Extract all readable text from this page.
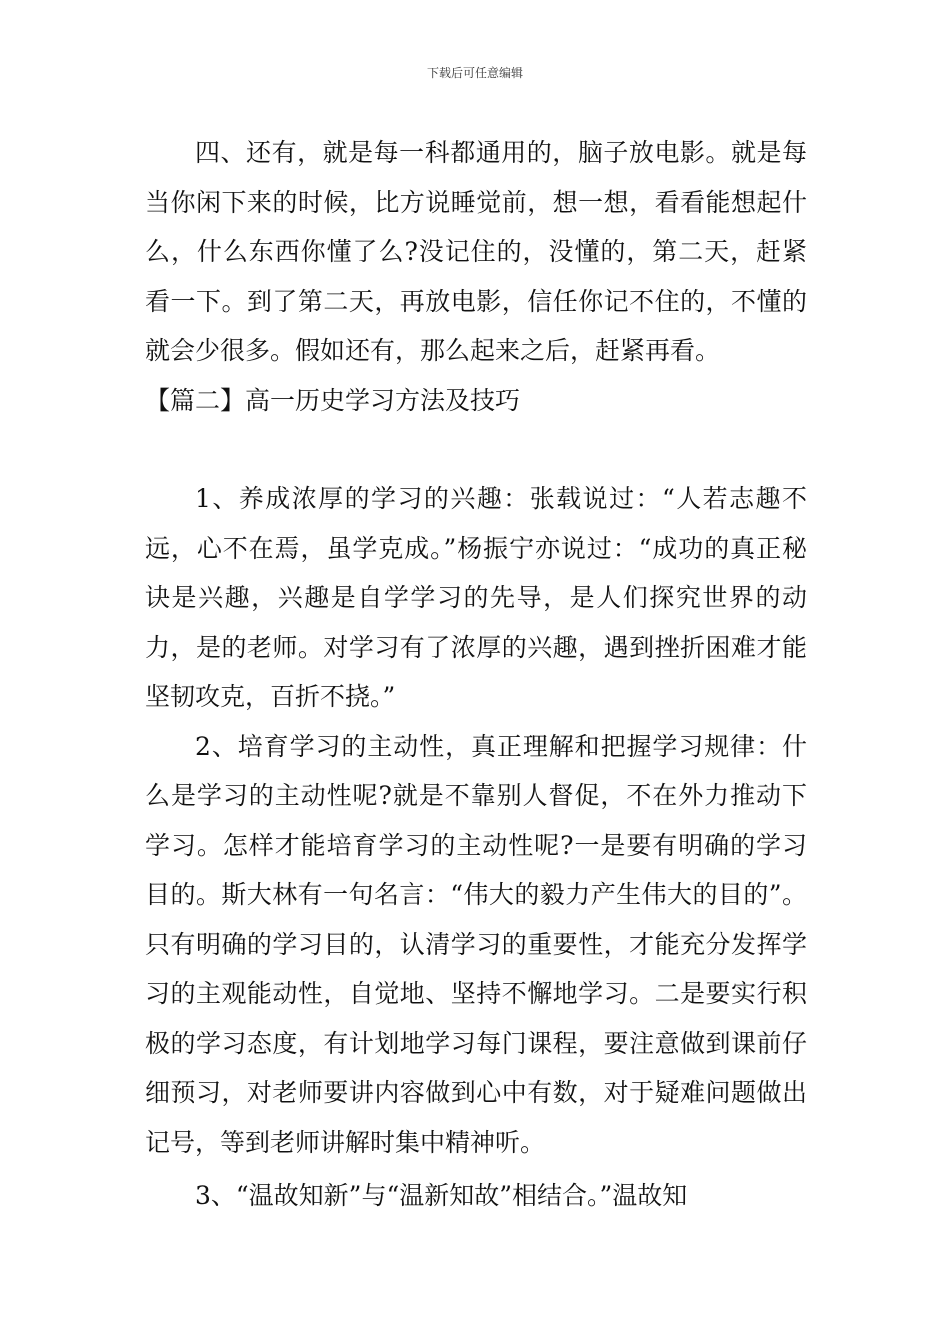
下载后可任意编辑

四、还有，就是每一科都通用的，脑子放电影。就是每当你闲下来的时候，比方说睡觉前，想一想，看看能想起什么，什么东西你懂了么?没记住的，没懂的，第二天，赶紧看一下。到了第二天，再放电影，信任你记不住的，不懂的就会少很多。假如还有，那么起来之后，赶紧再看。

【篇二】高一历史学习方法及技巧

1、养成浓厚的学习的兴趣：张载说过：“人若志趣不远，心不在焉，虽学克成。”杨振宁亦说过：“成功的真正秘诀是兴趣，兴趣是自学学习的先导，是人们探究世界的动力，是的老师。对学习有了浓厚的兴趣，遇到挫折困难才能坚韧攻克，百折不挠。”

2、培育学习的主动性，真正理解和把握学习规律：什么是学习的主动性呢?就是不靠别人督促，不在外力推动下学习。怎样才能培育学习的主动性呢?一是要有明确的学习目的。斯大林有一句名言：“伟大的毅力产生伟大的目的”。只有明确的学习目的，认清学习的重要性，才能充分发挥学习的主观能动性，自觉地、坚持不懈地学习。二是要实行积极的学习态度，有计划地学习每门课程，要注意做到课前仔细预习，对老师要讲内容做到心中有数，对于疑难问题做出记号，等到老师讲解时集中精神听。

3、“温故知新”与“温新知故”相结合。”温故知
